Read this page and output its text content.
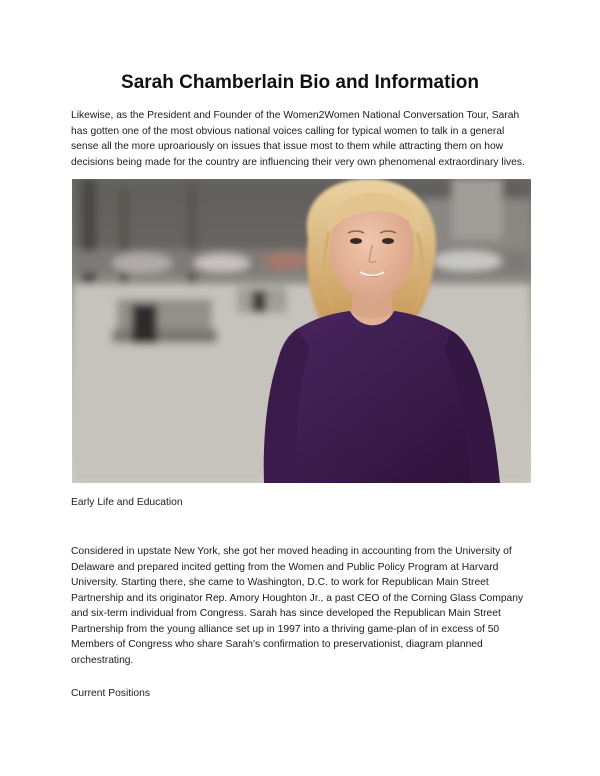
Sarah Chamberlain Bio and Information

Likewise, as the President and Founder of the Women2Women National Conversation Tour, Sarah has gotten one of the most obvious national voices calling for typical women to talk in a general sense all the more uproariously on issues that issue most to them while attracting them on how decisions being made for the country are influencing their very own phenomenal extraordinary lives.

Early Life and Education

Considered in upstate New York, she got her moved heading in accounting from the University of Delaware and prepared incited getting from the Women and Public Policy Program at Harvard University. Starting there, she came to Washington, D.C. to work for Republican Main Street Partnership and its originator Rep. Amory Houghton Jr., a past CEO of the Corning Glass Company and six-term individual from Congress. Sarah has since developed the Republican Main Street Partnership from the young alliance set up in 1997 into a thriving game-plan of in excess of 50 Members of Congress who share Sarah's confirmation to preservationist, diagram planned orchestrating.

Current Positions
